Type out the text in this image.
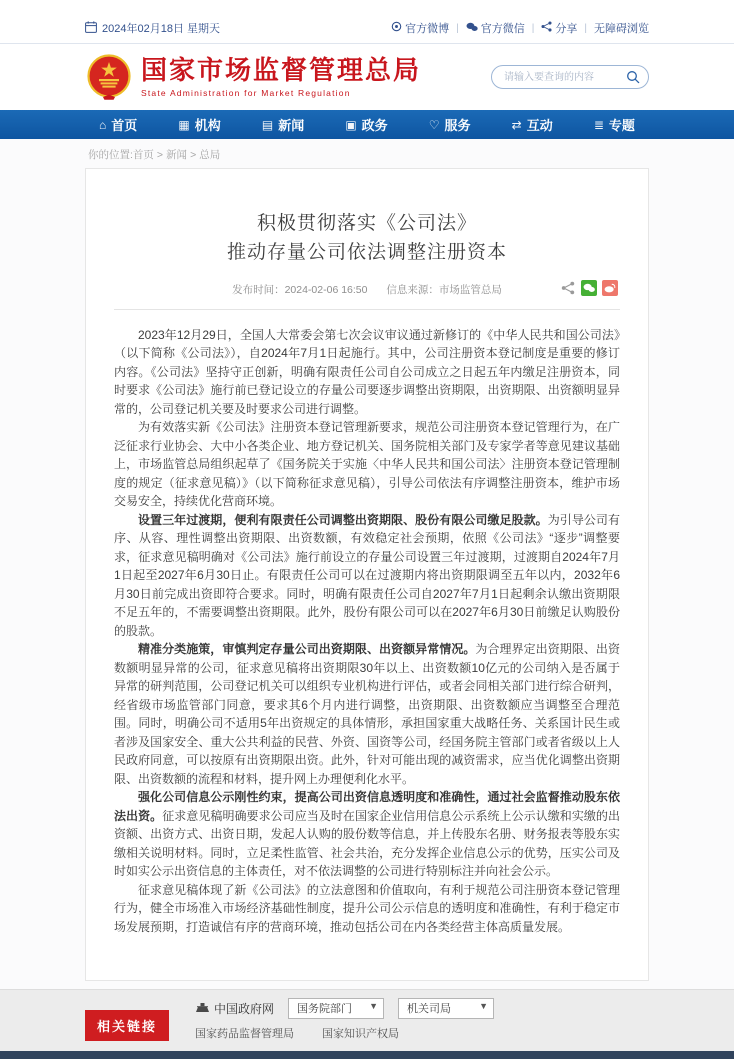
2024年02月18日 星期天	官方微博 | 官方微信 | 分享 | 无障碍浏览
国家市场监督管理总局
State Administration for Market Regulation
请输入要查询的内容
⌂ 首页	▦ 机构	▤ 新闻	▣ 政务	♡ 服务	⇄ 互动	≣ 专题
你的位置:首页 > 新闻 > 总局
积极贯彻落实《公司法》
推动存量公司依法调整注册资本
发布时间：2024-02-06 16:50 信息来源：市场监管总局

2023年12月29日，全国人大常委会第七次会议审议通过新修订的《中华人民共和国公司法》（以下简称《公司法》），自2024年7月1日起施行。其中，公司注册资本登记制度是重要的修订内容。《公司法》坚持守正创新，明确有限责任公司自公司成立之日起五年内缴足注册资本，同时要求《公司法》施行前已登记设立的存量公司要逐步调整出资期限，出资期限、出资额明显异常的，公司登记机关要及时要求公司进行调整。

为有效落实新《公司法》注册资本登记管理新要求，规范公司注册资本登记管理行为，在广泛征求行业协会、大中小各类企业、地方登记机关、国务院相关部门及专家学者等意见建议基础上，市场监管总局组织起草了《国务院关于实施〈中华人民共和国公司法〉注册资本登记管理制度的规定（征求意见稿）》（以下简称征求意见稿），引导公司依法有序调整注册资本，维护市场交易安全，持续优化营商环境。

设置三年过渡期，便利有限责任公司调整出资期限、股份有限公司缴足股款。为引导公司有序、从容、理性调整出资期限、出资数额，有效稳定社会预期，依照《公司法》“逐步”调整要求，征求意见稿明确对《公司法》施行前设立的存量公司设置三年过渡期，过渡期自2024年7月1日起至2027年6月30日止。有限责任公司可以在过渡期内将出资期限调至五年以内，2032年6月30日前完成出资即符合要求。同时，明确有限责任公司自2027年7月1日起剩余认缴出资期限不足五年的，不需要调整出资期限。此外，股份有限公司可以在2027年6月30日前缴足认购股份的股款。

精准分类施策，审慎判定存量公司出资期限、出资额异常情况。为合理界定出资期限、出资数额明显异常的公司，征求意见稿将出资期限30年以上、出资数额10亿元的公司纳入是否属于异常的研判范围，公司登记机关可以组织专业机构进行评估，或者会同相关部门进行综合研判，经省级市场监管部门同意，要求其6个月内进行调整，出资期限、出资数额应当调整至合理范围。同时，明确公司不适用5年出资规定的具体情形，承担国家重大战略任务、关系国计民生或者涉及国家安全、重大公共利益的民营、外资、国资等公司，经国务院主管部门或者省级以上人民政府同意，可以按原有出资期限出资。此外，针对可能出现的减资需求，应当优化调整出资期限、出资数额的流程和材料，提升网上办理便利化水平。

强化公司信息公示刚性约束，提高公司出资信息透明度和准确性，通过社会监督推动股东依法出资。征求意见稿明确要求公司应当及时在国家企业信用信息公示系统上公示认缴和实缴的出资额、出资方式、出资日期，发起人认购的股份数等信息，并上传股东名册、财务报表等股东实缴相关说明材料。同时，立足柔性监管、社会共治，充分发挥企业信息公示的优势，压实公司及时如实公示出资信息的主体责任，对不依法调整的公司进行特别标注并向社会公示。

征求意见稿体现了新《公司法》的立法意图和价值取向，有利于规范公司注册资本登记管理行为，健全市场准入市场经济基础性制度，提升公司公示信息的透明度和准确性，有利于稳定市场发展预期，打造诚信有序的营商环境，推动包括公司在内各类经营主体高质量发展。

相关链接
中国政府网
国务院部门	▼
机关司局	▼
国家药品监督管理局	国家知识产权局
